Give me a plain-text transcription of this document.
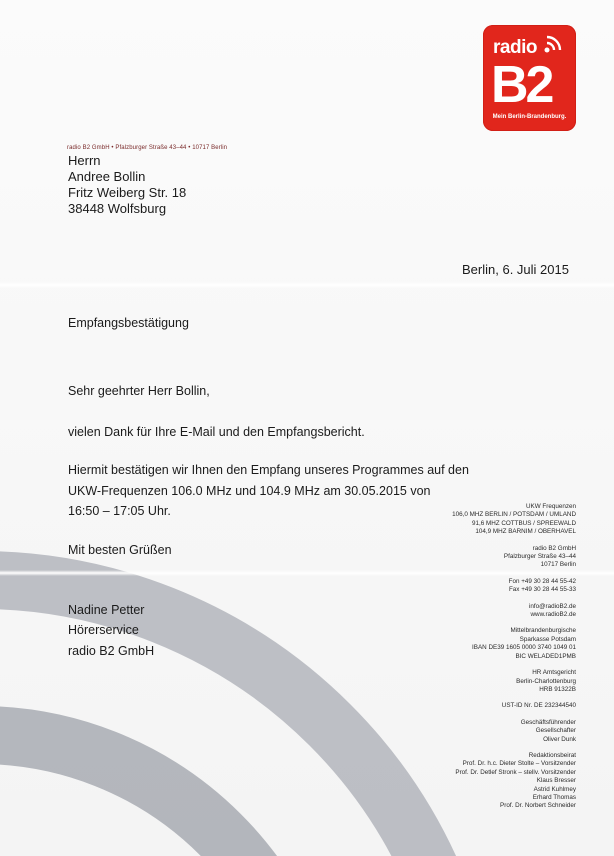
radio
B2
Mein Berlin-Brandenburg.
radio B2 GmbH • Pfalzburger Straße 43–44 • 10717 Berlin
Herrn
Andree Bollin
Fritz Weiberg Str. 18
38448 Wolfsburg
Berlin, 6. Juli 2015
Empfangsbestätigung
Sehr geehrter Herr Bollin,
vielen Dank für Ihre E-Mail und den Empfangsbericht.
Hiermit bestätigen wir Ihnen den Empfang unseres Programmes auf den
UKW-Frequenzen 106.0 MHz und 104.9 MHz am 30.05.2015 von
16:50 – 17:05 Uhr.
Mit besten Grüßen
Nadine Petter
Hörerservice
radio B2 GmbH
UKW Frequenzen
106,0 MHZ BERLIN / POTSDAM / UMLAND
91,6 MHZ COTTBUS / SPREEWALD
104,9 MHZ BARNIM / OBERHAVEL
radio B2 GmbH
Pfalzburger Straße 43–44
10717 Berlin
Fon +49 30 28 44 55-42
Fax +49 30 28 44 55-33
info@radioB2.de
www.radioB2.de
Mittelbrandenburgische
Sparkasse Potsdam
IBAN DE39 1605 0000 3740 1049 01
BIC WELADED1PMB
HR Amtsgericht
Berlin-Charlottenburg
HRB 91322B
UST-ID Nr. DE 232344540
Geschäftsführender
Gesellschafter
Oliver Dunk
Redaktionsbeirat
Prof. Dr. h.c. Dieter Stolte – Vorsitzender
Prof. Dr. Detlef Stronk – stellv. Vorsitzender
Klaus Bresser
Astrid Kuhlmey
Erhard Thomas
Prof. Dr. Norbert Schneider
